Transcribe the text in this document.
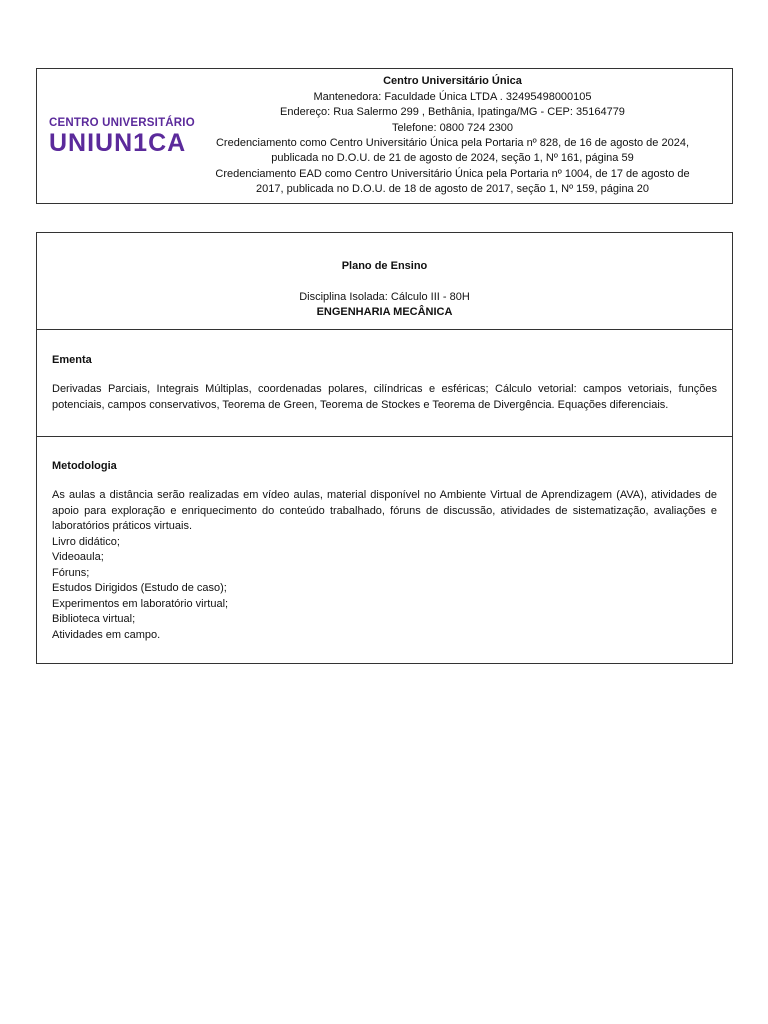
CENTRO UNIVERSITÁRIO
UNIUN1CA
Centro Universitário Única
Mantenedora: Faculdade Única LTDA . 32495498000105
Endereço: Rua Salermo 299 , Bethânia, Ipatinga/MG - CEP: 35164779
Telefone: 0800 724 2300
Credenciamento como Centro Universitário Única pela Portaria nº 828, de 16 de agosto de 2024, publicada no D.O.U. de 21 de agosto de 2024, seção 1, Nº 161, página 59
Credenciamento EAD como Centro Universitário Única pela Portaria nº 1004, de 17 de agosto de 2017, publicada no D.O.U. de 18 de agosto de 2017, seção 1, Nº 159, página 20
Plano de Ensino
Disciplina Isolada: Cálculo III - 80H
ENGENHARIA MECÂNICA
Ementa
Derivadas Parciais, Integrais Múltiplas, coordenadas polares, cilíndricas e esféricas; Cálculo vetorial: campos vetoriais, funções potenciais, campos conservativos, Teorema de Green, Teorema de Stockes e Teorema de Divergência. Equações diferenciais.
Metodologia
As aulas a distância serão realizadas em vídeo aulas, material disponível no Ambiente Virtual de Aprendizagem (AVA), atividades de apoio para exploração e enriquecimento do conteúdo trabalhado, fóruns de discussão, atividades de sistematização, avaliações e laboratórios práticos virtuais.
Livro didático;
Videoaula;
Fóruns;
Estudos Dirigidos (Estudo de caso);
Experimentos em laboratório virtual;
Biblioteca virtual;
Atividades em campo.
